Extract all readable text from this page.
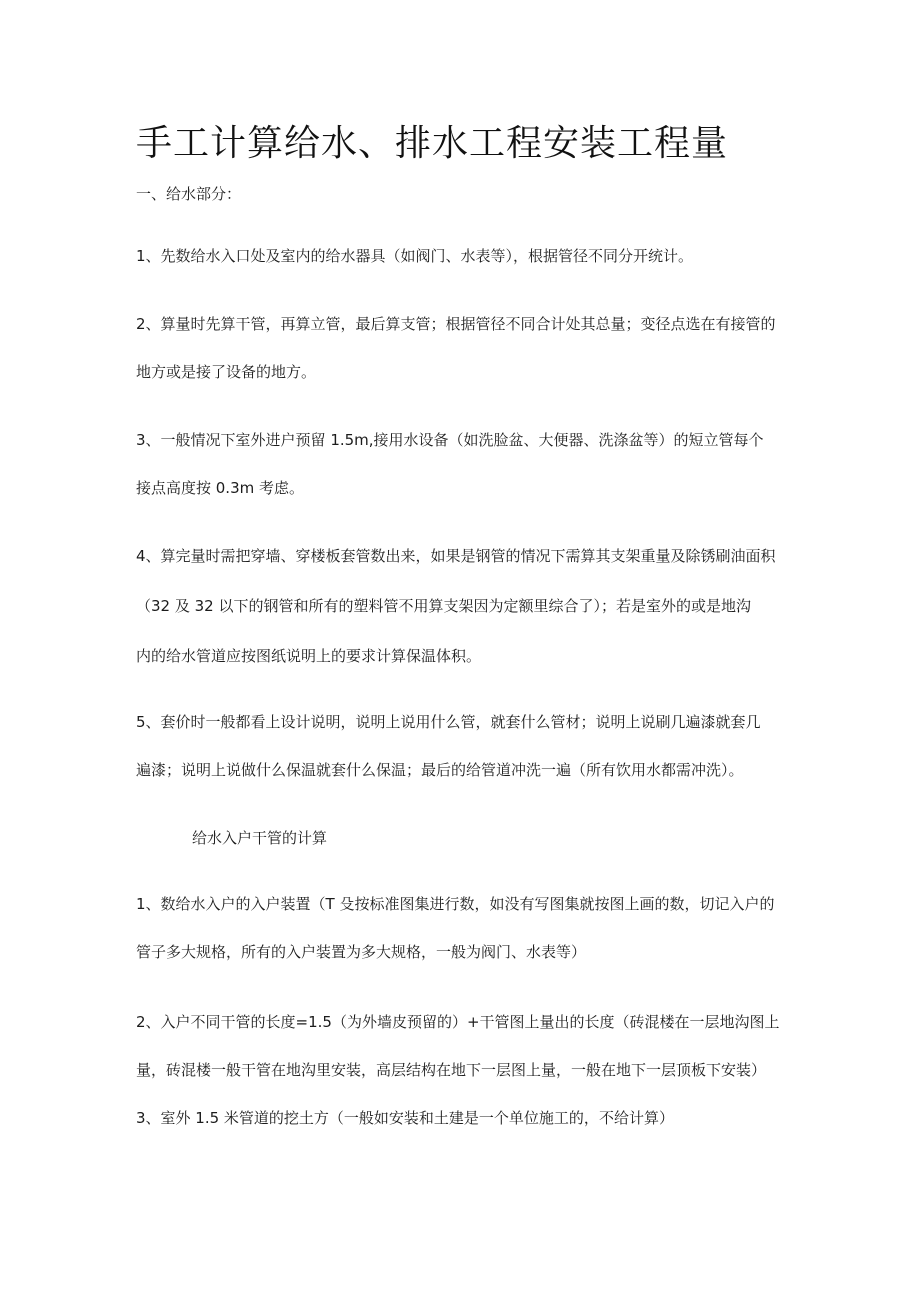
手工计算给水、排水工程安装工程量
一、给水部分：
1、先数给水入口处及室内的给水器具（如阀门、水表等），根据管径不同分开统计。
2、算量时先算干管，再算立管，最后算支管；根据管径不同合计处其总量；变径点选在有接管的
地方或是接了设备的地方。
3、一般情况下室外进户预留 1.5m,接用水设备（如洗脸盆、大便器、洗涤盆等）的短立管每个
接点高度按 0.3m 考虑。
4、算完量时需把穿墙、穿楼板套管数出来，如果是钢管的情况下需算其支架重量及除锈刷油面积
（32 及 32 以下的钢管和所有的塑料管不用算支架因为定额里综合了）；若是室外的或是地沟
内的给水管道应按图纸说明上的要求计算保温体积。
5、套价时一般都看上设计说明，说明上说用什么管，就套什么管材；说明上说刷几遍漆就套几
遍漆；说明上说做什么保温就套什么保温；最后的给管道冲洗一遍（所有饮用水都需冲洗）。
给水入户干管的计算
1、数给水入户的入户装置（T 殳按标准图集进行数，如没有写图集就按图上画的数，切记入户的
管子多大规格，所有的入户装置为多大规格，一般为阀门、水表等）
2、入户不同干管的长度=1.5（为外墙皮预留的）+干管图上量出的长度（砖混楼在一层地沟图上
量，砖混楼一般干管在地沟里安装，高层结构在地下一层图上量，一般在地下一层顶板下安装）
3、室外 1.5 米管道的挖土方（一般如安装和土建是一个单位施工的，不给计算）
